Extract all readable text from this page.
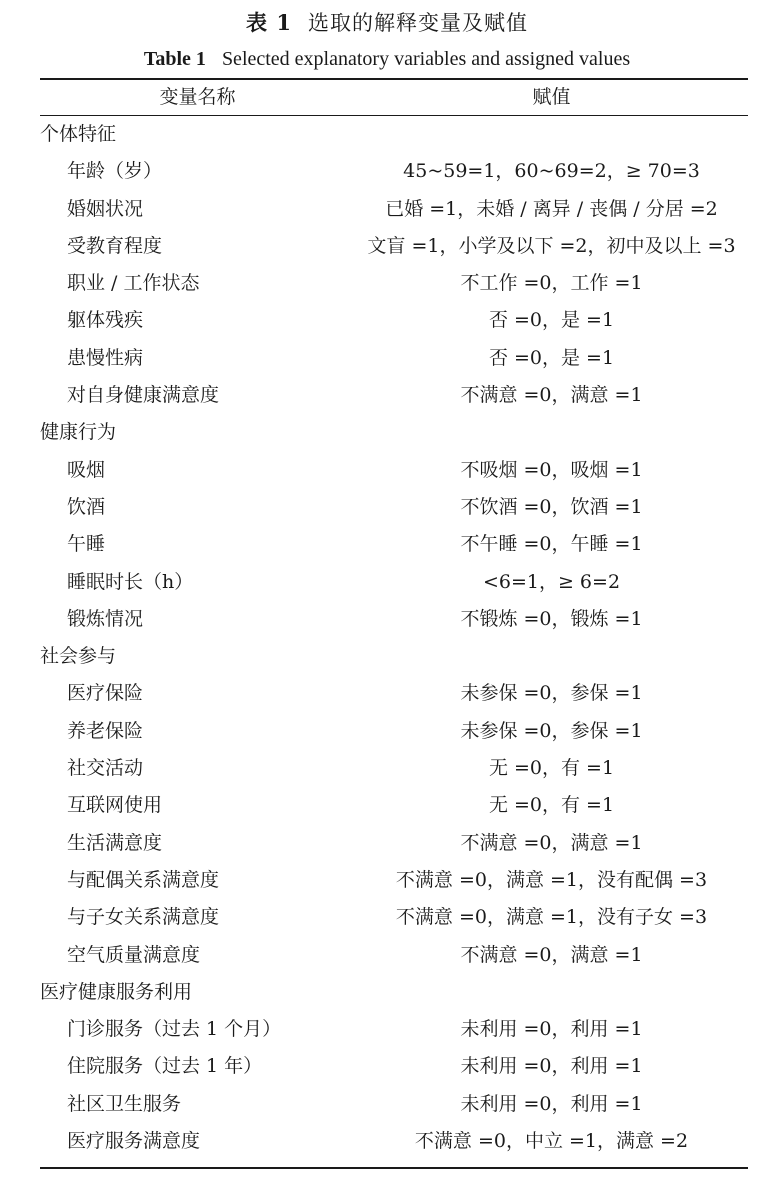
表 1 选取的解释变量及赋值
Table 1 Selected explanatory variables and assigned values
变量名称	赋值
个体特征
年龄（岁）	45~59=1，60~69=2，≥ 70=3
婚姻状况	已婚 =1，未婚 / 离异 / 丧偶 / 分居 =2
受教育程度	文盲 =1，小学及以下 =2，初中及以上 =3
职业 / 工作状态	不工作 =0，工作 =1
躯体残疾	否 =0，是 =1
患慢性病	否 =0，是 =1
对自身健康满意度	不满意 =0，满意 =1
健康行为
吸烟	不吸烟 =0，吸烟 =1
饮酒	不饮酒 =0，饮酒 =1
午睡	不午睡 =0，午睡 =1
睡眠时长（h）	<6=1，≥ 6=2
锻炼情况	不锻炼 =0，锻炼 =1
社会参与
医疗保险	未参保 =0，参保 =1
养老保险	未参保 =0，参保 =1
社交活动	无 =0，有 =1
互联网使用	无 =0，有 =1
生活满意度	不满意 =0，满意 =1
与配偶关系满意度	不满意 =0，满意 =1，没有配偶 =3
与子女关系满意度	不满意 =0，满意 =1，没有子女 =3
空气质量满意度	不满意 =0，满意 =1
医疗健康服务利用
门诊服务（过去 1 个月）	未利用 =0，利用 =1
住院服务（过去 1 年）	未利用 =0，利用 =1
社区卫生服务	未利用 =0，利用 =1
医疗服务满意度	不满意 =0，中立 =1，满意 =2
